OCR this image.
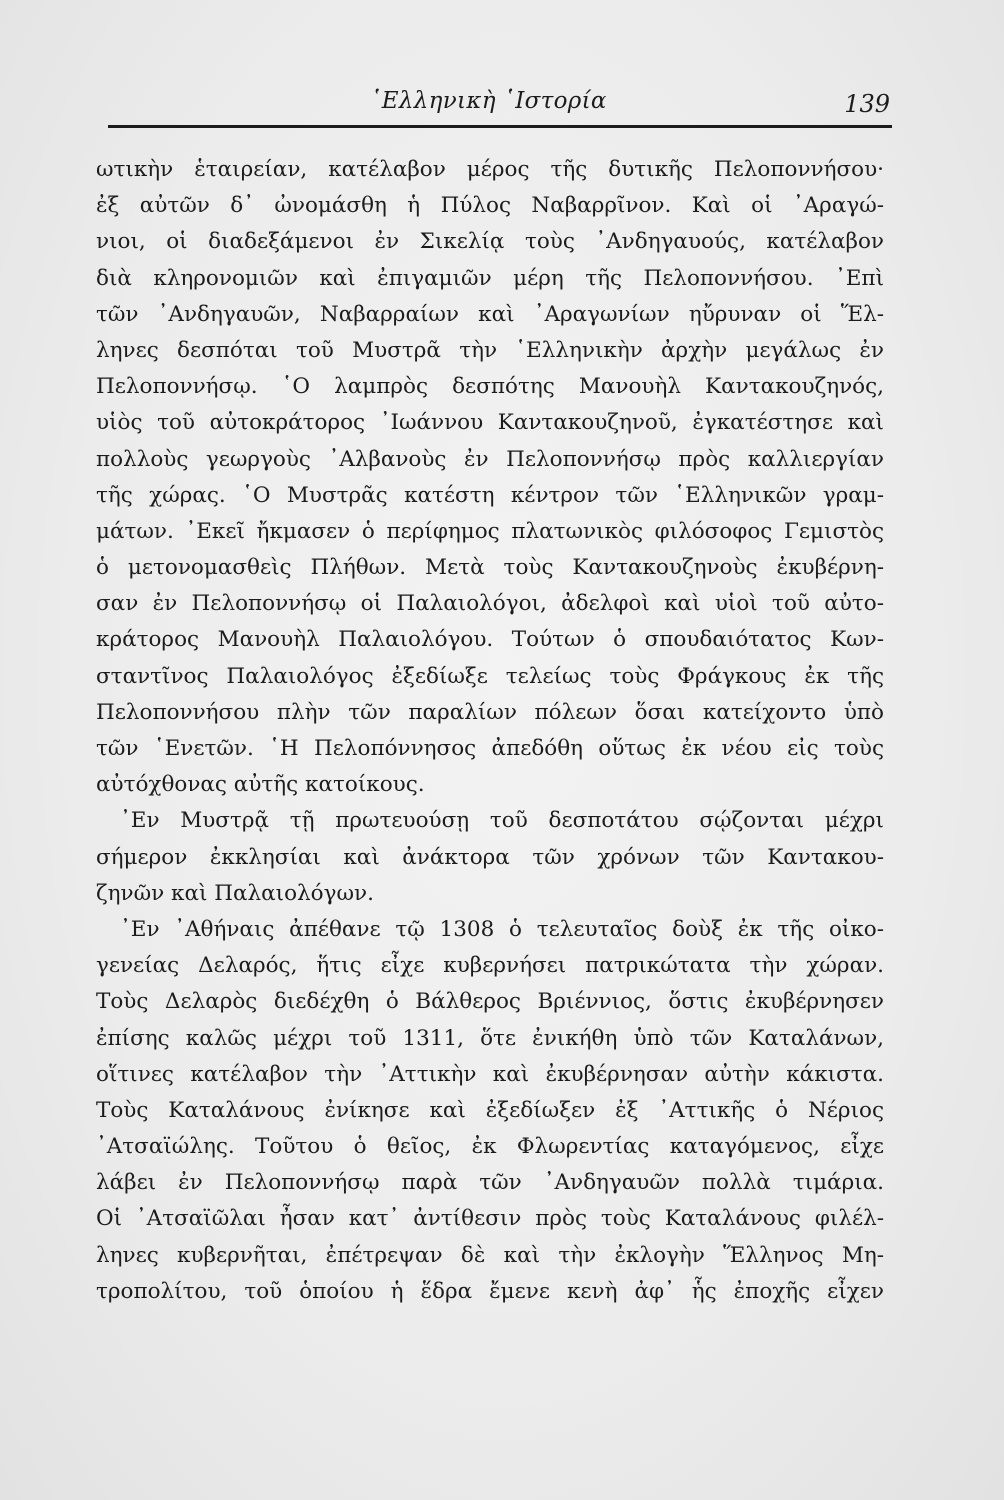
῾Ελληνικὴ ῾Ιστορία	139
ωτικὴν ἑταιρείαν, κατέλαβον μέρος τῆς δυτικῆς Πελοποννήσου·
ἐξ αὐτῶν δ᾿ ὠνομάσθη ἡ Πύλος Ναβαρρῖνον. Καὶ οἱ ᾿Αραγώ-
νιοι, οἱ διαδεξάμενοι ἐν Σικελίᾳ τοὺς ᾿Ανδηγαυούς, κατέλαβον
διὰ κληρονομιῶν καὶ ἐπιγαμιῶν μέρη τῆς Πελοποννήσου. ᾿Επὶ
τῶν ᾿Ανδηγαυῶν, Ναβαρραίων καὶ ᾿Αραγωνίων ηὔρυναν οἱ Ἕλ-
ληνες δεσπόται τοῦ Μυστρᾶ τὴν ῾Ελληνικὴν ἀρχὴν μεγάλως ἐν
Πελοποννήσῳ. ῾Ο λαμπρὸς δεσπότης Μανουὴλ Καντακουζηνός,
υἱὸς τοῦ αὐτοκράτορος ᾿Ιωάννου Καντακουζηνοῦ, ἐγκατέστησε καὶ
πολλοὺς γεωργοὺς ᾿Αλβανοὺς ἐν Πελοποννήσῳ πρὸς καλλιεργίαν
τῆς χώρας. ῾Ο Μυστρᾶς κατέστη κέντρον τῶν ῾Ελληνικῶν γραμ-
μάτων. ᾿Εκεῖ ἤκμασεν ὁ περίφημος πλατωνικὸς φιλόσοφος Γεμιστὸς
ὁ μετονομασθεὶς Πλήθων. Μετὰ τοὺς Καντακουζηνοὺς ἐκυβέρνη-
σαν ἐν Πελοποννήσῳ οἱ Παλαιολόγοι, ἀδελφοὶ καὶ υἱοὶ τοῦ αὐτο-
κράτορος Μανουὴλ Παλαιολόγου. Τούτων ὁ σπουδαιότατος Κων-
σταντῖνος Παλαιολόγος ἐξεδίωξε τελείως τοὺς Φράγκους ἐκ τῆς
Πελοποννήσου πλὴν τῶν παραλίων πόλεων ὅσαι κατείχοντο ὑπὸ
τῶν ῾Ενετῶν. ῾Η Πελοπόννησος ἀπεδόθη οὕτως ἐκ νέου εἰς τοὺς
αὐτόχθονας αὐτῆς κατοίκους.
᾿Εν Μυστρᾷ τῇ πρωτευούσῃ τοῦ δεσποτάτου σῴζονται μέχρι
σήμερον ἐκκλησίαι καὶ ἀνάκτορα τῶν χρόνων τῶν Καντακου-
ζηνῶν καὶ Παλαιολόγων.
᾿Εν ᾿Αθήναις ἀπέθανε τῷ 1308 ὁ τελευταῖος δοὺξ ἐκ τῆς οἰκο-
γενείας Δελαρός, ἥτις εἶχε κυβερνήσει πατρικώτατα τὴν χώραν.
Τοὺς Δελαρὸς διεδέχθη ὁ Βάλθερος Βριέννιος, ὅστις ἐκυβέρνησεν
ἐπίσης καλῶς μέχρι τοῦ 1311, ὅτε ἐνικήθη ὑπὸ τῶν Καταλάνων,
οἵτινες κατέλαβον τὴν ᾿Αττικὴν καὶ ἐκυβέρνησαν αὐτὴν κάκιστα.
Τοὺς Καταλάνους ἐνίκησε καὶ ἐξεδίωξεν ἐξ ᾿Αττικῆς ὁ Νέριος
᾿Ατσαϊώλης. Τοῦτου ὁ θεῖος, ἐκ Φλωρεντίας καταγόμενος, εἶχε
λάβει ἐν Πελοποννήσῳ παρὰ τῶν ᾿Ανδηγαυῶν πολλὰ τιμάρια.
Οἱ ᾿Ατσαϊῶλαι ἦσαν κατ᾿ ἀντίθεσιν πρὸς τοὺς Καταλάνους φιλέλ-
ληνες κυβερνῆται, ἐπέτρεψαν δὲ καὶ τὴν ἐκλογὴν Ἕλληνος Μη-
τροπολίτου, τοῦ ὁποίου ἡ ἕδρα ἔμενε κενὴ ἀφ᾿ ἧς ἐποχῆς εἶχεν
